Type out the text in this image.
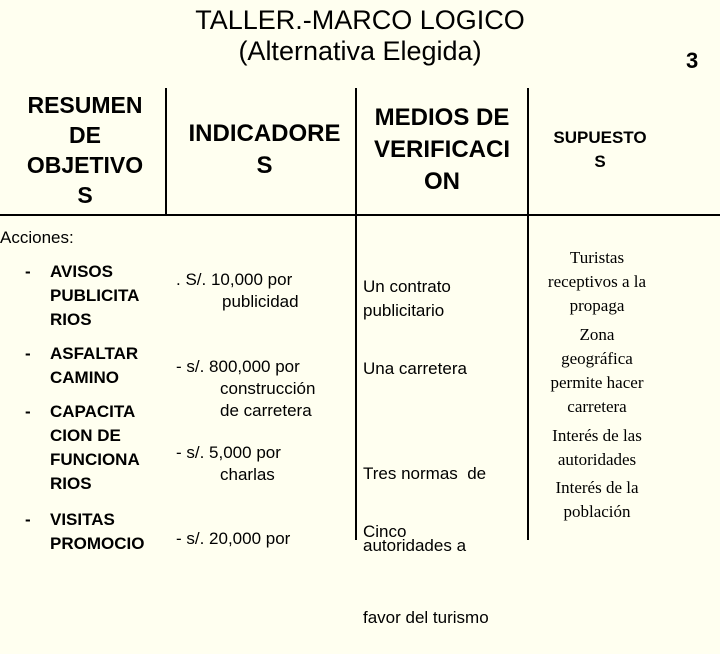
TALLER.-MARCO LOGICO
(Alternativa Elegida)	3
RESUMEN
DE
OBJETIVO
S
INDICADORE
S
MEDIOS DE
VERIFICACI
ON
SUPUESTO
S
Acciones:
- AVISOS
PUBLICITA
RIOS
- ASFALTAR
CAMINO
- CAPACITA
CION DE
FUNCIONA
RIOS
- VISITAS
PROMOCIO
. S/. 10,000 por
publicidad
- s/. 800,000 por
construcción
de carretera
- s/. 5,000 por
charlas
- s/. 20,000 por
Un contrato
publicitario
Una carretera

Tres normas  de

autoridades a

favor del turismo

Cinco
Turistas
receptivos a la
propaga
Zona
geográfica
permite hacer
carretera
Interés de las
autoridades
Interés de la
población
